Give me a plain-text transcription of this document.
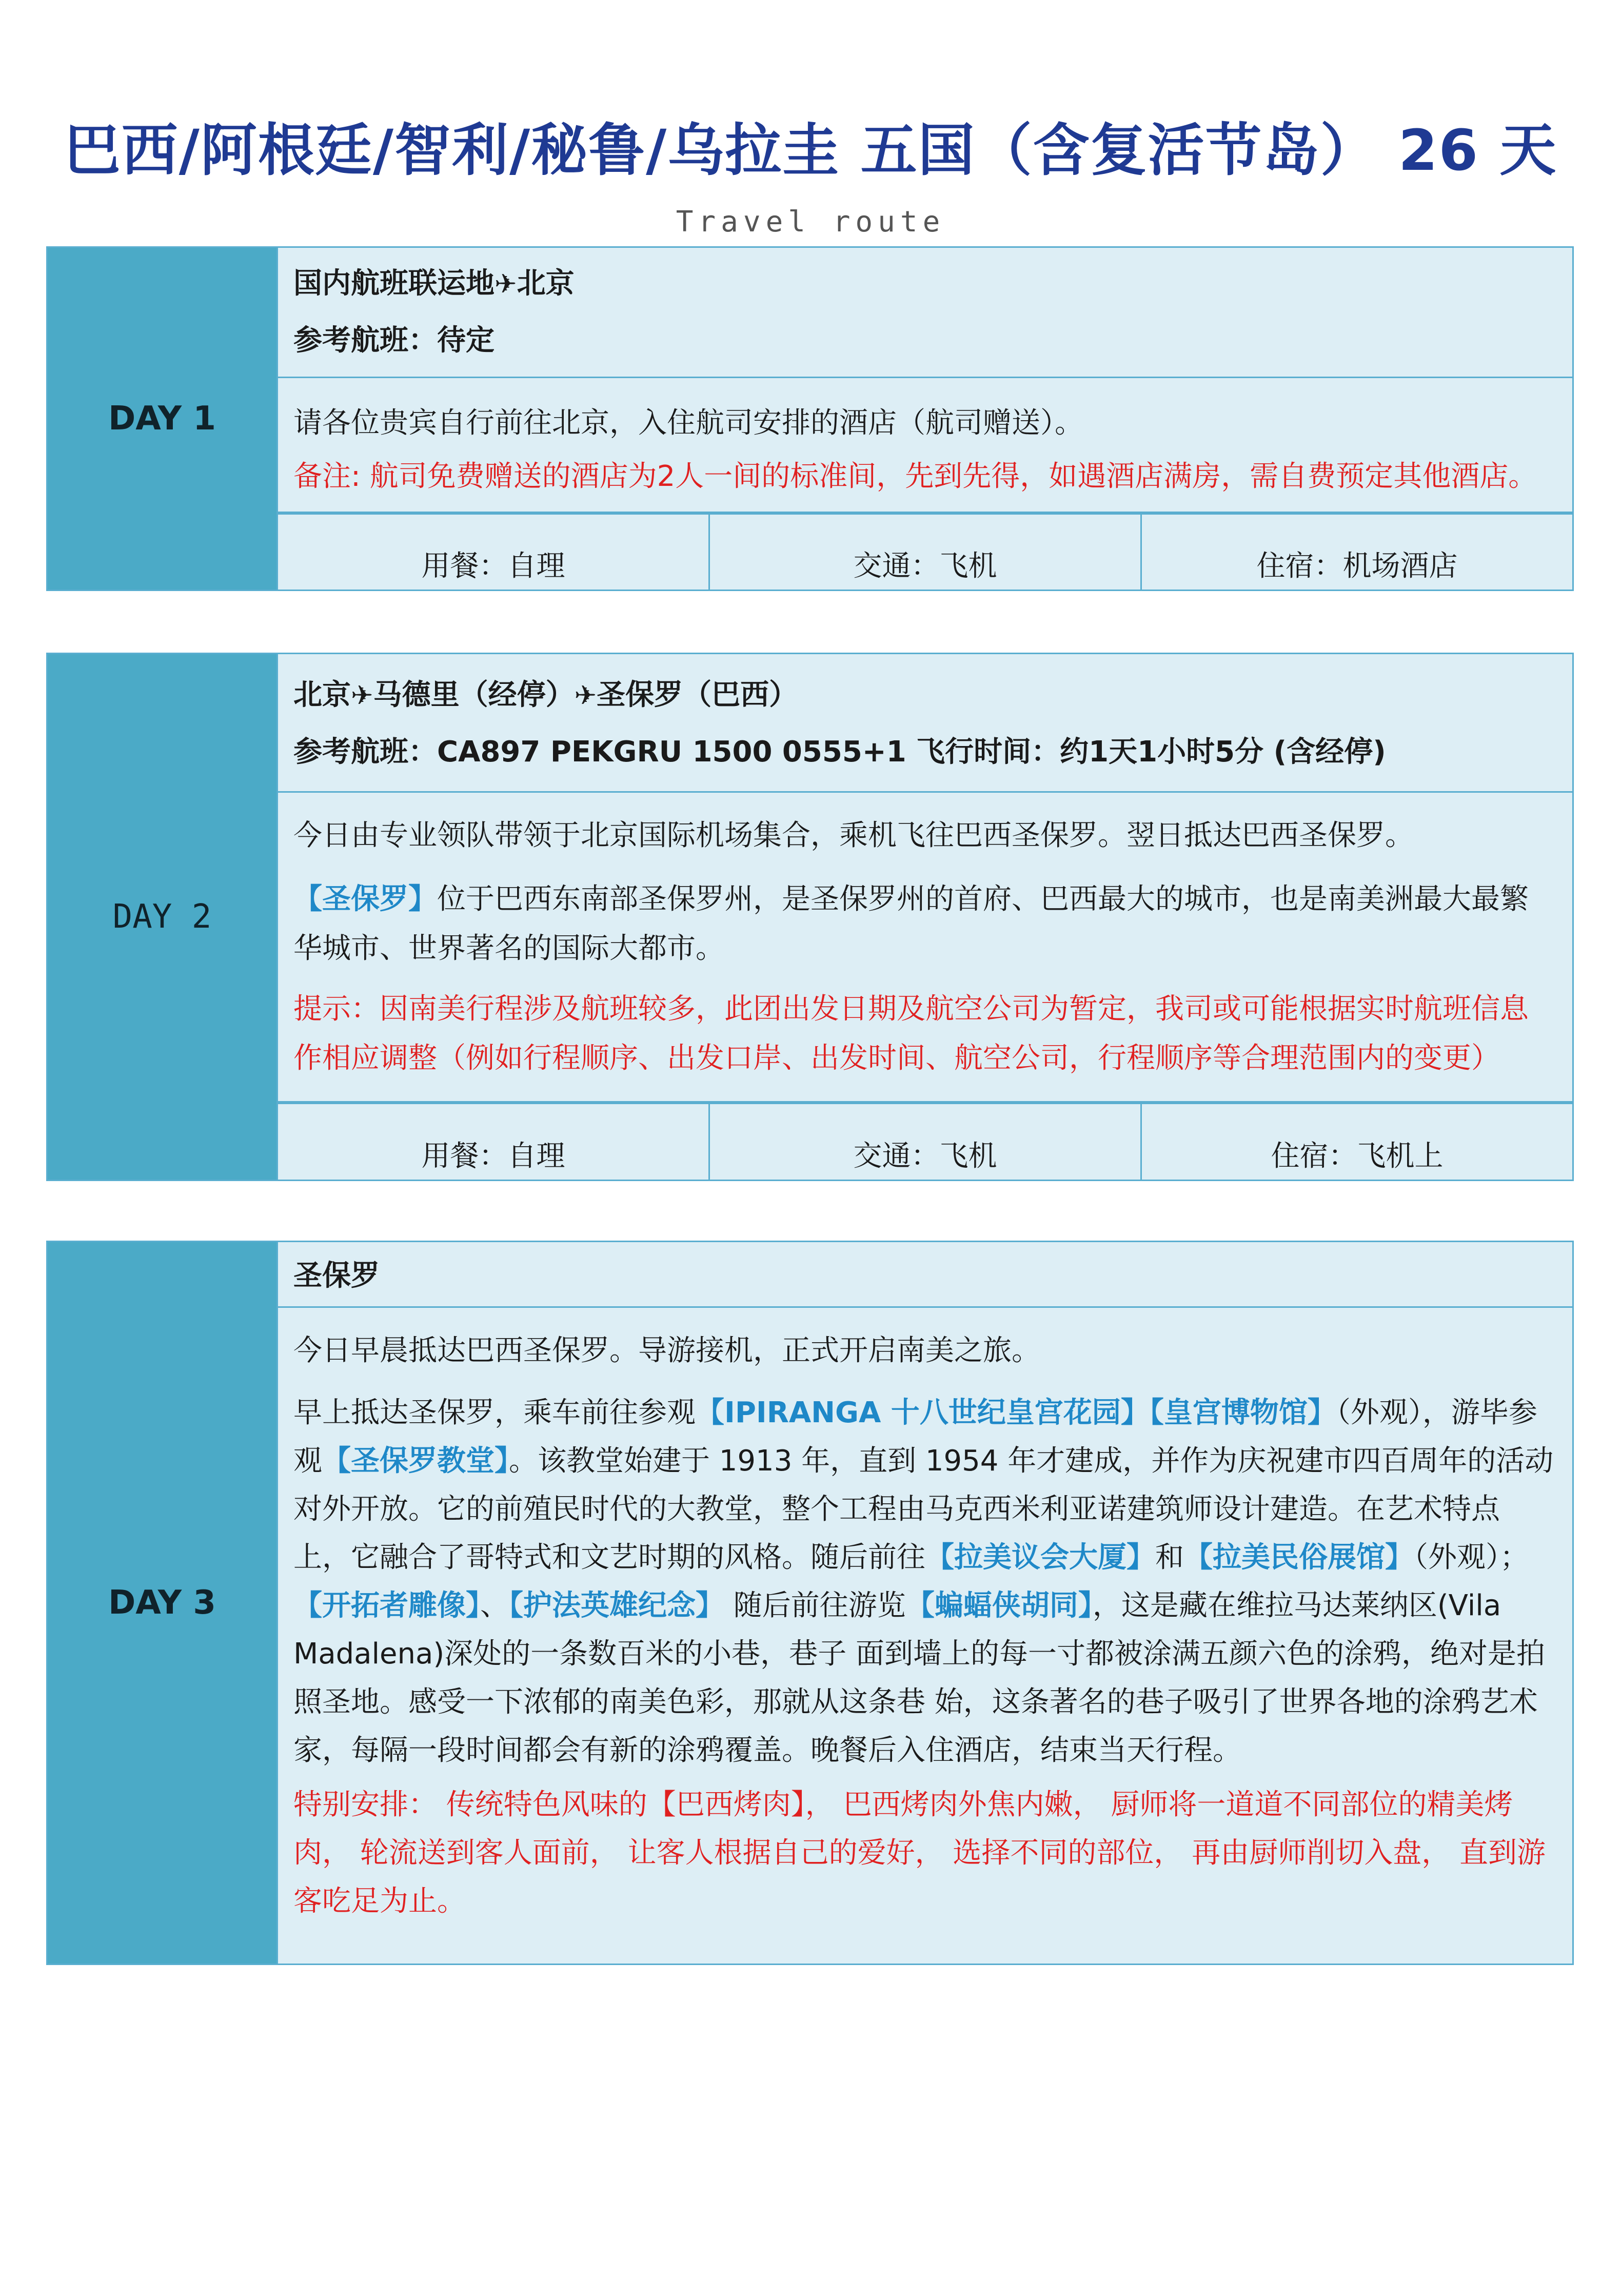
巴西/阿根廷/智利/秘鲁/乌拉圭 五国（含复活节岛） 26 天
Travel route
DAY 1
国内航班联运地✈北京
参考航班：待定

请各位贵宾自行前往北京，入住航司安排的酒店（航司赠送）。

备注: 航司免费赠送的酒店为2人一间的标准间，先到先得，如遇酒店满房，需自费预定其他酒店。

用餐：自理	交通：飞机	住宿：机场酒店
DAY 2
北京✈马德里（经停）✈圣保罗（巴西）
参考航班：CA897 PEKGRU 1500 0555+1 飞行时间：约1天1小时5分 (含经停)

今日由专业领队带领于北京国际机场集合，乘机飞往巴西圣保罗。翌日抵达巴西圣保罗。

【圣保罗】位于巴西东南部圣保罗州，是圣保罗州的首府、巴西最大的城市，也是南美洲最大最繁华城市、世界著名的国际大都市。

提示：因南美行程涉及航班较多，此团出发日期及航空公司为暂定，我司或可能根据实时航班信息作相应调整（例如行程顺序、出发口岸、出发时间、航空公司，行程顺序等合理范围内的变更）

用餐：自理	交通：飞机	住宿：飞机上
DAY 3
圣保罗

今日早晨抵达巴西圣保罗。导游接机，正式开启南美之旅。

早上抵达圣保罗，乘车前往参观【IPIRANGA 十八世纪皇宫花园】【皇宫博物馆】（外观），游毕参观【圣保罗教堂】。该教堂始建于 1913 年，直到 1954 年才建成，并作为庆祝建市四百周年的活动对外开放。它的前殖民时代的大教堂，整个工程由马克西米利亚诺建筑师设计建造。在艺术特点上，它融合了哥特式和文艺时期的风格。随后前往【拉美议会大厦】和【拉美民俗展馆】（外观）；【开拓者雕像】、【护法英雄纪念】 随后前往游览【蝙蝠侠胡同】，这是藏在维拉马达莱纳区(Vila Madalena)深处的一条数百米的小巷，巷子 面到墙上的每一寸都被涂满五颜六色的涂鸦，绝对是拍照圣地。感受一下浓郁的南美色彩，那就从这条巷 始，这条著名的巷子吸引了世界各地的涂鸦艺术家，每隔一段时间都会有新的涂鸦覆盖。晚餐后入住酒店，结束当天行程。

特别安排： 传统特色风味的【巴西烤肉】， 巴西烤肉外焦内嫩， 厨师将一道道不同部位的精美烤肉， 轮流送到客人面前， 让客人根据自己的爱好， 选择不同的部位， 再由厨师削切入盘， 直到游客吃足为止。
